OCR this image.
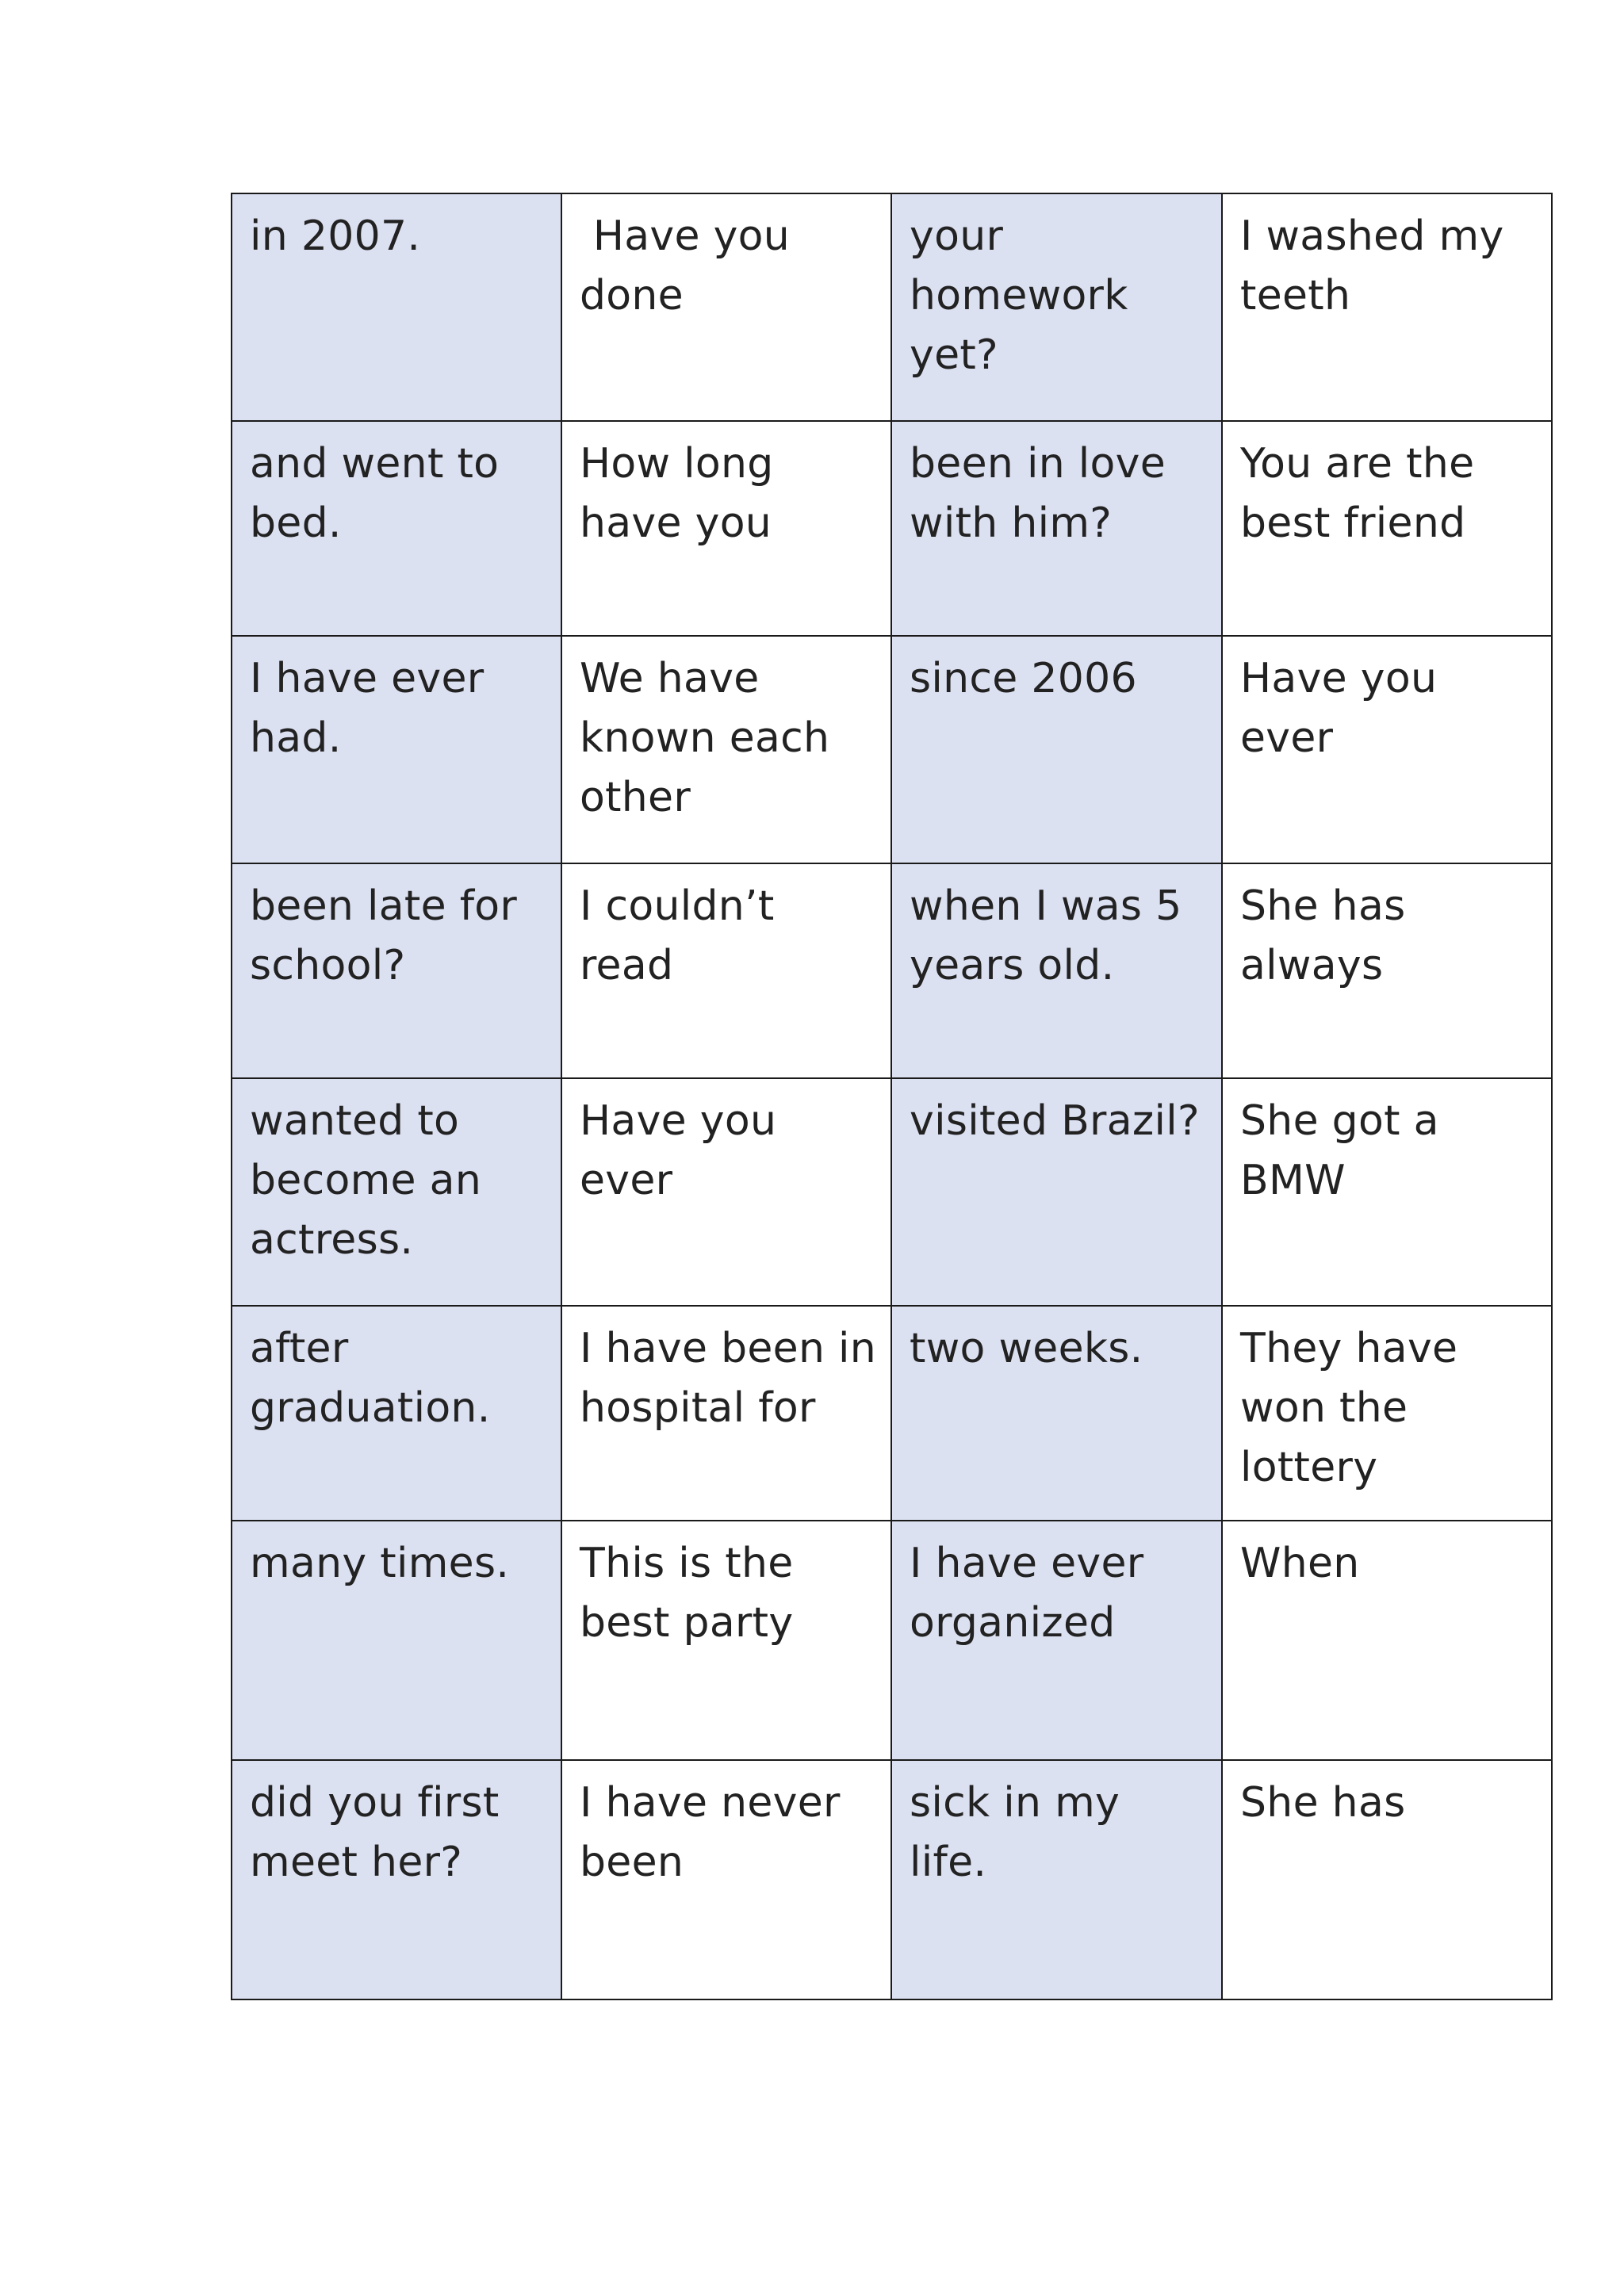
in 2007.	Have you done	your homework yet?	I washed my teeth
and went to bed.	How long have you	been in love with him?	You are the best friend
I have ever had.	We have known each other	since 2006	Have you ever
been late for school?	I couldn’t read	when I was 5 years old.	She has always
wanted to become an actress.	Have you ever	visited Brazil?	She got a BMW
after graduation.	I have been in hospital for	two weeks.	They have won the lottery
many times.	This is the best party	I have ever organized	When
did you first meet her?	I have never been	sick in my life.	She has
